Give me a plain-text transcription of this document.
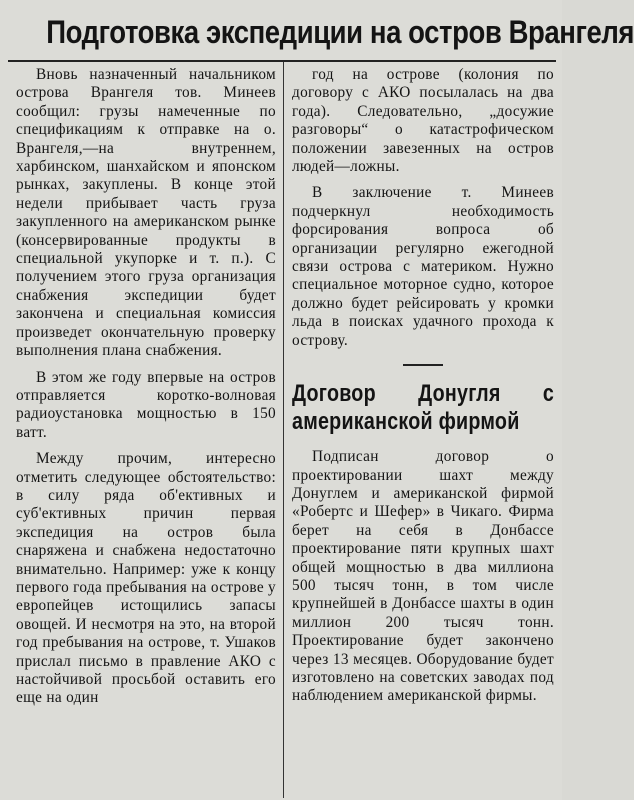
Подготовка экспедиции на остров Врангеля

Вновь назначенный начальником острова Врангеля тов. Минеев сообщил: грузы намеченные по спецификациям к отправке на о. Врангеля,—на внутреннем, харбинском, шанхайском и японском рынках, закуплены. В конце этой недели прибывает часть груза закупленного на американском рынке (консервированные продукты в специальной укупорке и т. п.). С получением этого груза организация снабжения экспедиции будет закончена и специальная комиссия произведет окончательную проверку выполнения плана снабжения.

В этом же году впервые на остров отправляется коротко-волновая радиоустановка мощностью в 150 ватт.

Между прочим, интересно отметить следующее обстоятельство: в силу ряда об'ективных и суб'ективных причин первая экспедиция на остров была снаряжена и снабжена недостаточно внимательно. Например: уже к концу первого года пребывания на острове у европейцев истощились запасы овощей. И несмотря на это, на второй год пребывания на острове, т. Ушаков прислал письмо в правление АКО с настойчивой просьбой оставить его еще на один

год на острове (колония по договору с АКО посылалась на два года). Следовательно, „досужие разговоры“ о катастрофическом положении завезенных на остров людей—ложны.

В заключение т. Минеев подчеркнул необходимость форсирования вопроса об организации регулярно ежегодной связи острова с материком. Нужно специальное моторное судно, которое должно будет рейсировать у кромки льда в поисках удачного прохода к острову.

Договор Донугля с американской фирмой

Подписан договор о проектировании шахт между Донуглем и американской фирмой «Робертс и Шефер» в Чикаго. Фирма берет на себя в Донбассе проектирование пяти крупных шахт общей мощностью в два миллиона 500 тысяч тонн, в том числе крупнейшей в Донбассе шахты в один миллион 200 тысяч тонн. Проектирование будет закончено через 13 месяцев. Оборудование будет изготовлено на советских заводах под наблюдением американской фирмы.
